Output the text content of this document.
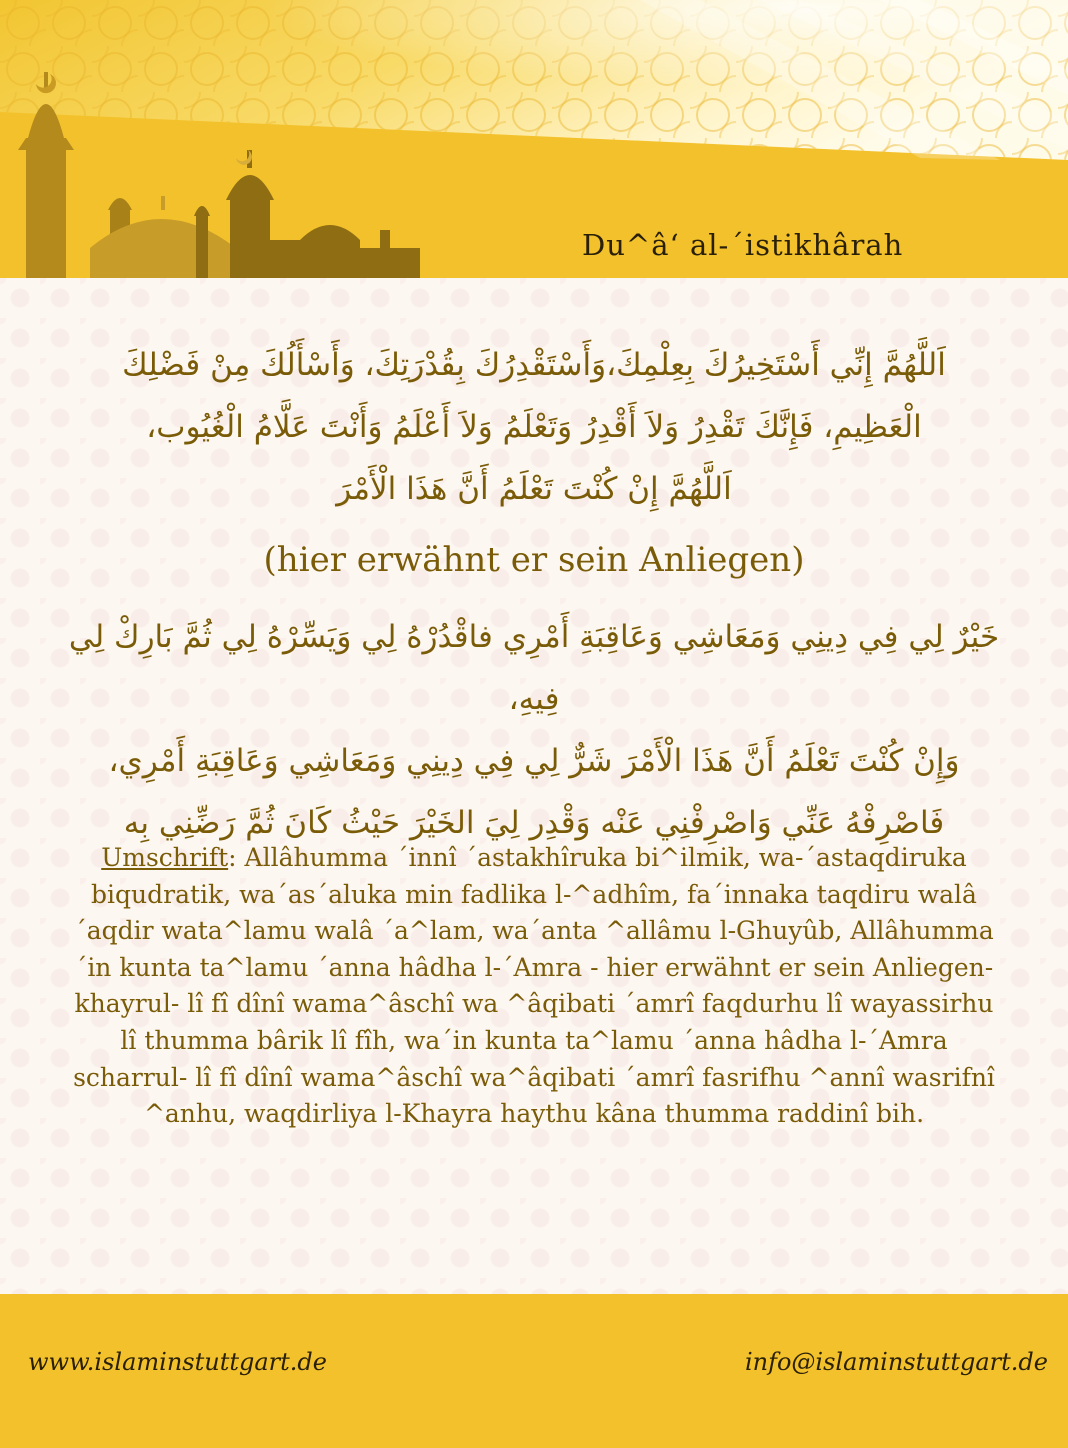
Du^â‘ al-´istikhârah
اَللَّهُمَّ إِنِّي أَسْتَخِيرُكَ بِعِلْمِكَ،وَأَسْتَقْدِرُكَ بِقُدْرَتِكَ، وَأَسْأَلُكَ مِنْ فَضْلِكَ
الْعَظِيمِ، فَإِنَّكَ تَقْدِرُ وَلاَ أَقْدِرُ وَتَعْلَمُ وَلاَ أَعْلَمُ وَأَنْتَ عَلَّامُ الْغُيُوب،
اَللَّهُمَّ إِنْ كُنْتَ تَعْلَمُ أَنَّ هَذَا الْأَمْرَ
(hier erwähnt er sein Anliegen)
خَيْرٌ لِي فِي دِينِي وَمَعَاشِي وَعَاقِبَةِ أَمْرِي فاقْدُرْهُ لِي وَيَسِّرْهُ لِي ثُمَّ بَارِكْ لِي فِيهِ،
وَإِنْ كُنْتَ تَعْلَمُ أَنَّ هَذَا الْأَمْرَ شَرٌّ لِي فِي دِينِي وَمَعَاشِي وَعَاقِبَةِ أَمْرِي،
فَاصْرِفْهُ عَنِّي وَاصْرِفْنِي عَنْه وَقْدِر لِيَ الخَيْرَ حَيْثُ كَانَ ثُمَّ رَضِّنِي بِه
Umschrift: Allâhumma ´innî ´astakhîruka bi^ilmik, wa-´astaqdiruka biqudratik, wa´as´aluka min fadlika l-^adhîm, fa´innaka taqdiru walâ ´aqdir wata^lamu walâ ´a^lam, wa´anta ^allâmu l-Ghuyûb, Allâhumma ´in kunta ta^lamu ´anna hâdha l-´Amra - hier erwähnt er sein Anliegen- khayrul- lî fî dînî wama^âschî wa ^âqibati ´amrî faqdurhu lî wayassirhu lî thumma bârik lî fîh, wa´in kunta ta^lamu ´anna hâdha l-´Amra scharrul- lî fî dînî wama^âschî wa^âqibati ´amrî fasrifhu ^annî wasrifnî ^anhu, waqdirliya l-Khayra haythu kâna thumma raddinî bih.
www.islaminstuttgart.de	info@islaminstuttgart.de
